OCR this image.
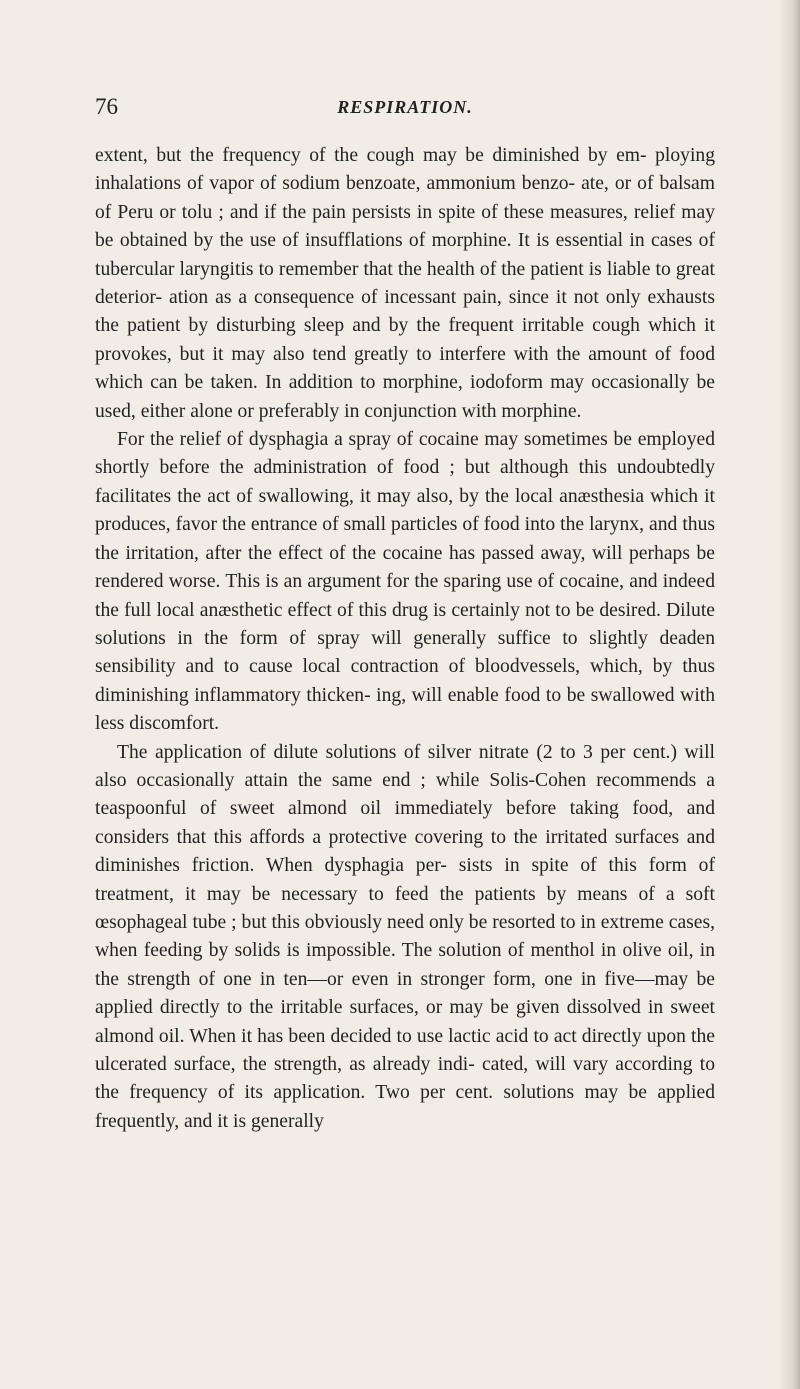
76	RESPIRATION.

extent, but the frequency of the cough may be diminished by em- ploying inhalations of vapor of sodium benzoate, ammonium benzo- ate, or of balsam of Peru or tolu ; and if the pain persists in spite of these measures, relief may be obtained by the use of insufflations of morphine. It is essential in cases of tubercular laryngitis to remember that the health of the patient is liable to great deterior- ation as a consequence of incessant pain, since it not only exhausts the patient by disturbing sleep and by the frequent irritable cough which it provokes, but it may also tend greatly to interfere with the amount of food which can be taken. In addition to morphine, iodoform may occasionally be used, either alone or preferably in conjunction with morphine.

For the relief of dysphagia a spray of cocaine may sometimes be employed shortly before the administration of food ; but although this undoubtedly facilitates the act of swallowing, it may also, by the local anæsthesia which it produces, favor the entrance of small particles of food into the larynx, and thus the irritation, after the effect of the cocaine has passed away, will perhaps be rendered worse. This is an argument for the sparing use of cocaine, and indeed the full local anæsthetic effect of this drug is certainly not to be desired. Dilute solutions in the form of spray will generally suffice to slightly deaden sensibility and to cause local contraction of bloodvessels, which, by thus diminishing inflammatory thicken- ing, will enable food to be swallowed with less discomfort.

The application of dilute solutions of silver nitrate (2 to 3 per cent.) will also occasionally attain the same end ; while Solis-Cohen recommends a teaspoonful of sweet almond oil immediately before taking food, and considers that this affords a protective covering to the irritated surfaces and diminishes friction. When dysphagia per- sists in spite of this form of treatment, it may be necessary to feed the patients by means of a soft œsophageal tube ; but this obviously need only be resorted to in extreme cases, when feeding by solids is impossible. The solution of menthol in olive oil, in the strength of one in ten—or even in stronger form, one in five—may be applied directly to the irritable surfaces, or may be given dissolved in sweet almond oil. When it has been decided to use lactic acid to act directly upon the ulcerated surface, the strength, as already indi- cated, will vary according to the frequency of its application. Two per cent. solutions may be applied frequently, and it is generally
